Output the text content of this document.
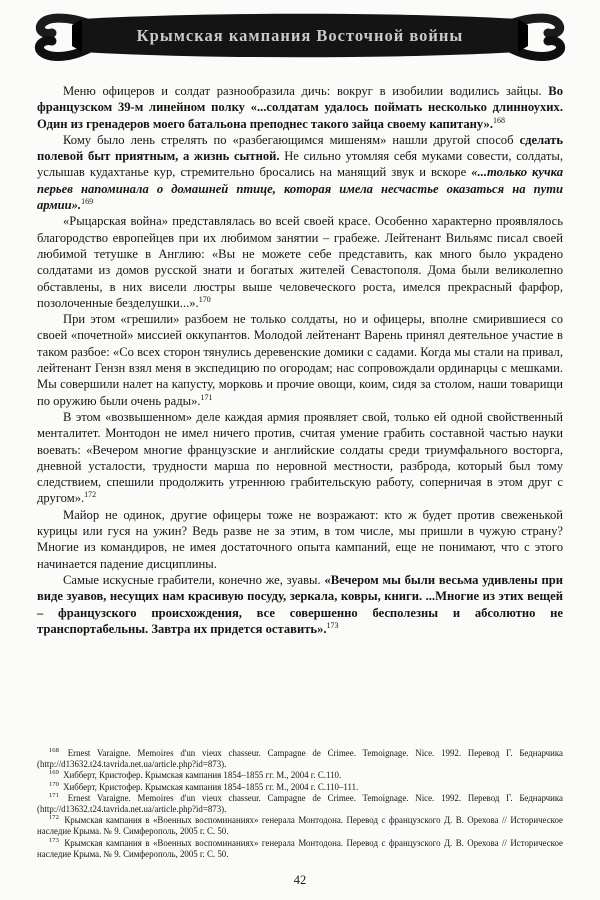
Крымская кампания Восточной войны

Меню офицеров и солдат разнообразила дичь: вокруг в изобилии водились зайцы. Во французском 39-м линейном полку «...солдатам удалось поймать несколько длинноухих. Один из гренадеров моего батальона преподнес такого зайца своему капитану».$^{168}$

Кому было лень стрелять по «разбегающимся мишеням» нашли другой способ сделать полевой быт приятным, а жизнь сытной. Не сильно утомляя себя муками совести, солдаты, услышав кудахтанье кур, стремительно бросались на манящий звук и вскоре «...только кучка перьев напоминала о домашней птице, которая имела несчастье оказаться на пути армии».$^{169}$

«Рыцарская война» представлялась во всей своей красе. Особенно характерно проявлялось благородство европейцев при их любимом занятии – грабеже. Лейтенант Вильямс писал своей любимой тетушке в Англию: «Вы не можете себе представить, как много было украдено солдатами из домов русской знати и богатых жителей Севастополя. Дома были великолепно обставлены, в них висели люстры выше человеческого роста, имелся прекрасный фарфор, позолоченные безделушки...».$^{170}$

При этом «грешили» разбоем не только солдаты, но и офицеры, вполне смирившиеся со своей «почетной» миссией оккупантов. Молодой лейтенант Варень принял деятельное участие в таком разбое: «Со всех сторон тянулись деревенские домики с садами. Когда мы стали на привал, лейтенант Гензн взял меня в экспедицию по огородам; нас сопровождали ординарцы с мешками. Мы совершили налет на капусту, морковь и прочие овощи, коим, сидя за столом, наши товарищи по оружию были очень рады».$^{171}$

В этом «возвышенном» деле каждая армия проявляет свой, только ей одной свойственный менталитет. Монтодон не имел ничего против, считая умение грабить составной частью науки воевать: «Вечером многие французские и английские солдаты среди триумфального восторга, дневной усталости, трудности марша по неровной местности, разброда, который был тому следствием, спешили продолжить утреннюю грабительскую работу, соперничая в этом друг с другом».$^{172}$

Майор не одинок, другие офицеры тоже не возражают: кто ж будет против свеженькой курицы или гуся на ужин? Ведь разве не за этим, в том числе, мы пришли в чужую страну? Многие из командиров, не имея достаточного опыта кампаний, еще не понимают, что с этого начинается падение дисциплины.

Самые искусные грабители, конечно же, зуавы. «Вечером мы были весьма удивлены при виде зуавов, несущих нам красивую посуду, зеркала, ковры, книги. ...Многие из этих вещей – французского происхождения, все совершенно бесполезны и абсолютно не транспортабельны. Завтра их придется оставить».$^{173}$

$^{168}$ Ernest Varaigne. Memoires d'un vieux chasseur. Campagne de Crimee. Temoignage. Nice. 1992. Перевод Г. Беднарчика (http://d13632.t24.tavrida.net.ua/article.php?id=873).
$^{169}$ Хибберт, Кристофер. Крымская кампания 1854–1855 гг. М., 2004 г. С.110.
$^{170}$ Хибберт, Кристофер. Крымская кампания 1854–1855 гг. М., 2004 г. С.110–111.
$^{171}$ Ernest Varaigne. Memoires d'un vieux chasseur. Campagne de Crimee. Temoignage. Nice. 1992. Перевод Г. Беднарчика (http://d13632.t24.tavrida.net.ua/article.php?id=873).
$^{172}$ Крымская кампания в «Военных воспоминаниях» генерала Монтодона. Перевод с французского Д. В. Орехова // Историческое наследие Крыма. № 9. Симферополь, 2005 г. С. 50.
$^{173}$ Крымская кампания в «Военных воспоминаниях» генерала Монтодона. Перевод с французского Д. В. Орехова // Историческое наследие Крыма. № 9. Симферополь, 2005 г. С. 50.
42
